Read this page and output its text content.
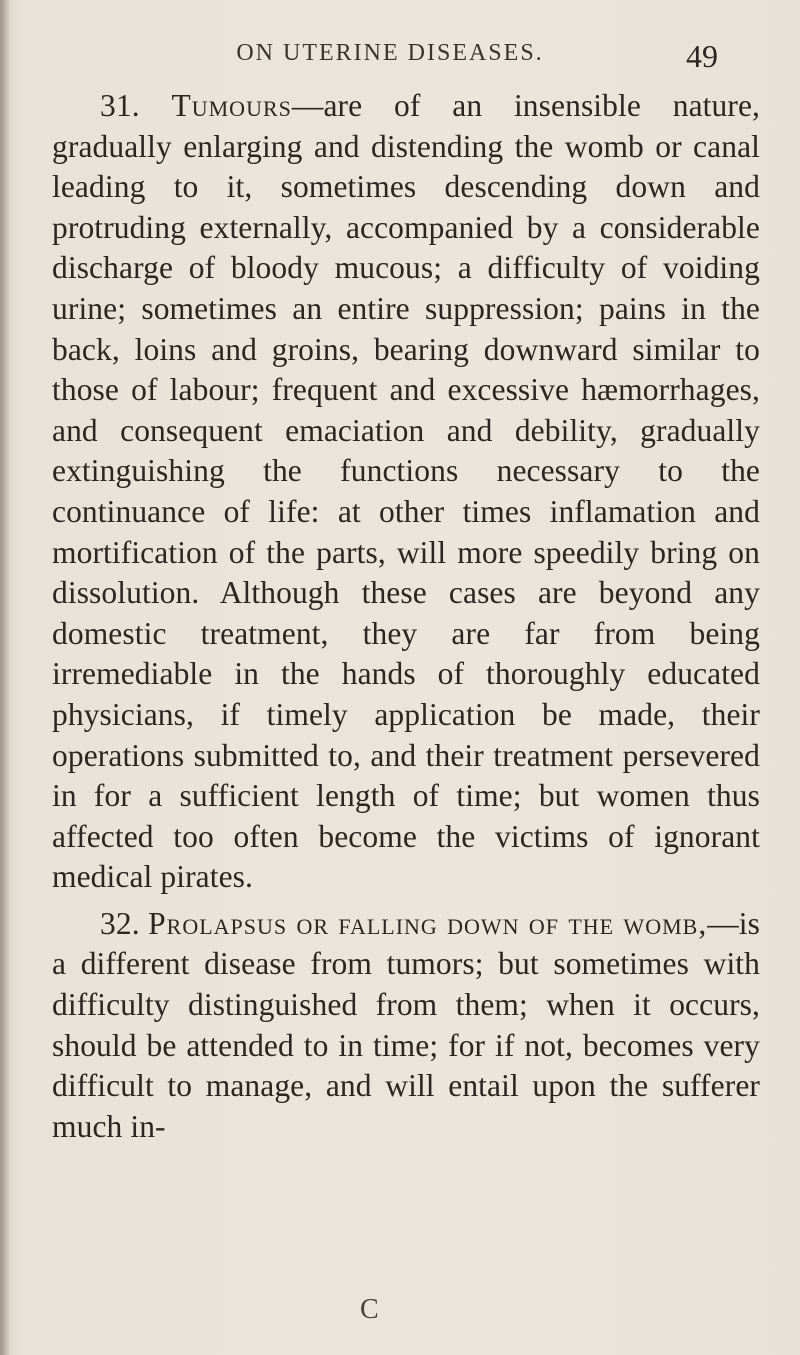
ON UTERINE DISEASES.	49

31. Tumours—are of an insensible nature, gradually enlarging and distending the womb or canal leading to it, sometimes descending down and protruding externally, accompanied by a considerable discharge of bloody mucous; a difficulty of voiding urine; sometimes an entire suppression; pains in the back, loins and groins, bearing downward similar to those of labour; frequent and excessive hæmorrhages, and consequent emaciation and debility, gradually extinguishing the functions necessary to the continuance of life: at other times inflamation and mortification of the parts, will more speedily bring on dissolution. Although these cases are beyond any domestic treatment, they are far from being irremediable in the hands of thoroughly educated physicians, if timely application be made, their operations submitted to, and their treatment persevered in for a sufficient length of time; but women thus affected too often become the victims of ignorant medical pirates.

32. Prolapsus or falling down of the womb,—is a different disease from tumors; but sometimes with difficulty distinguished from them; when it occurs, should be attended to in time; for if not, becomes very difficult to manage, and will entail upon the sufferer much in-

C
